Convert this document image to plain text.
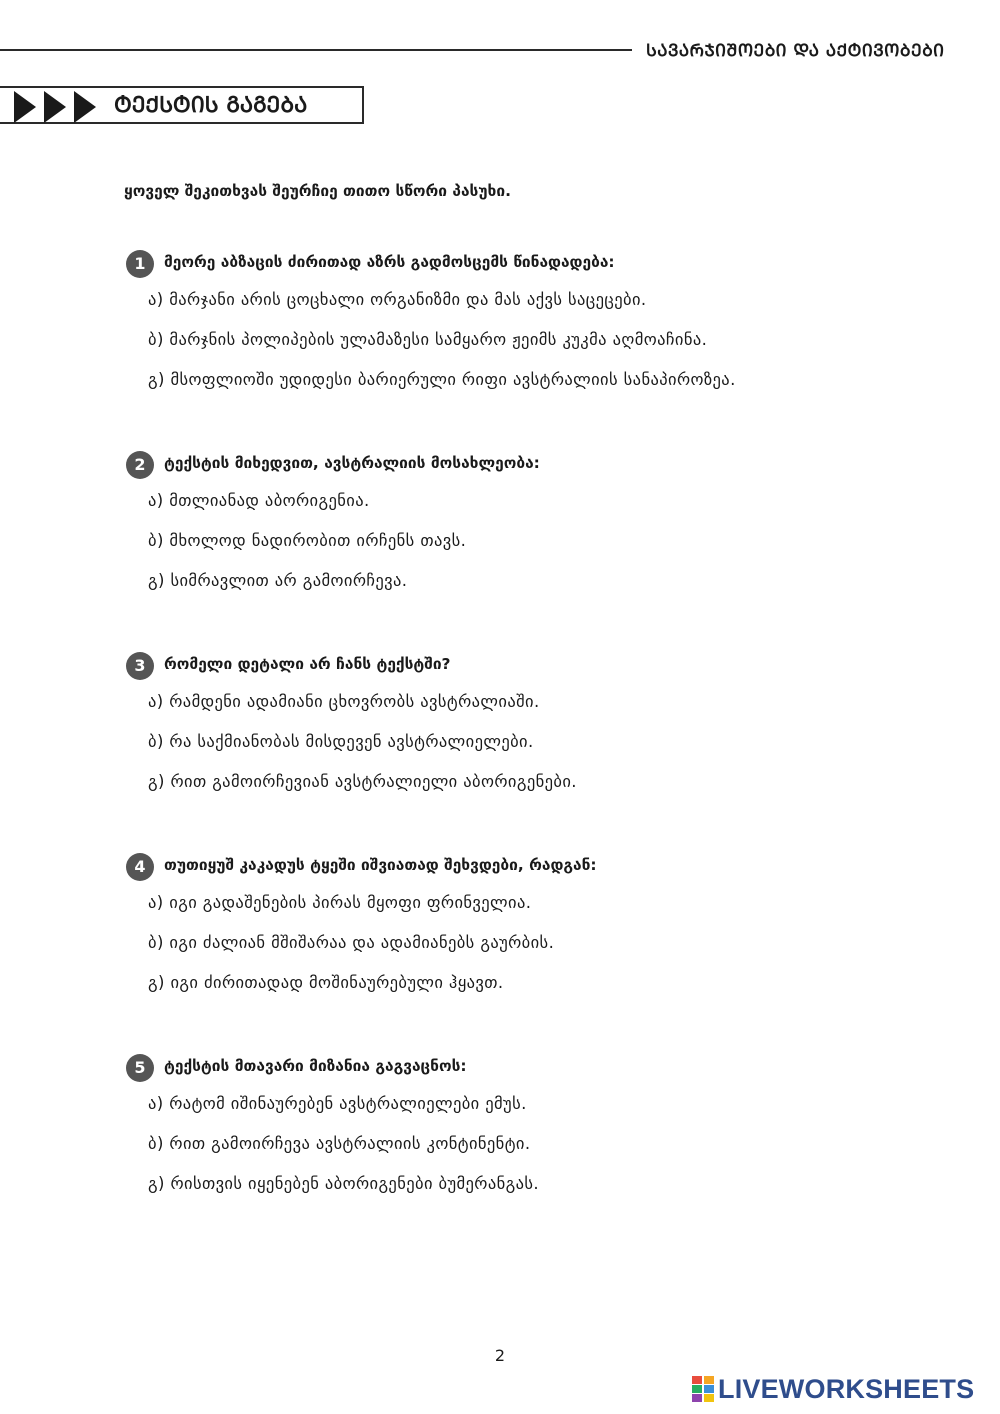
ᲡᲐᲕᲐᲠᲯᲘᲨᲝᲔᲑᲘ ᲓᲐ ᲐᲥᲢᲘᲕᲝᲑᲔᲑᲘ
ᲢᲔᲥᲡᲢᲘᲡ ᲒᲐᲒᲔᲑᲐ
ყოველ შეკითხვას შეურჩიე თითო სწორი პასუხი.
1	მეორე აბზაცის ძირითად აზრს გადმოსცემს წინადადება:
ა) მარჯანი არის ცოცხალი ორგანიზმი და მას აქვს საცეცები.
ბ) მარჯნის პოლიპების ულამაზესი სამყარო ჟეიმს კუკმა აღმოაჩინა.
გ) მსოფლიოში უდიდესი ბარიერული რიფი ავსტრალიის სანაპიროზეა.
2	ტექსტის მიხედვით, ავსტრალიის მოსახლეობა:
ა) მთლიანად აბორიგენია.
ბ) მხოლოდ ნადირობით ირჩენს თავს.
გ) სიმრავლით არ გამოირჩევა.
3	რომელი დეტალი არ ჩანს ტექსტში?
ა) რამდენი ადამიანი ცხოვრობს ავსტრალიაში.
ბ) რა საქმიანობას მისდევენ ავსტრალიელები.
გ) რით გამოირჩევიან ავსტრალიელი აბორიგენები.
4	თუთიყუშ კაკადუს ტყეში იშვიათად შეხვდები, რადგან:
ა) იგი გადაშენების პირას მყოფი ფრინველია.
ბ) იგი ძალიან მშიშარაა და ადამიანებს გაურბის.
გ) იგი ძირითადად მოშინაურებული ჰყავთ.
5	ტექსტის მთავარი მიზანია გაგვაცნოს:
ა) რატომ იშინაურებენ ავსტრალიელები ემუს.
ბ) რით გამოირჩევა ავსტრალიის კონტინენტი.
გ) რისთვის იყენებენ აბორიგენები ბუმერანგას.
2
LIVEWORKSHEETS
